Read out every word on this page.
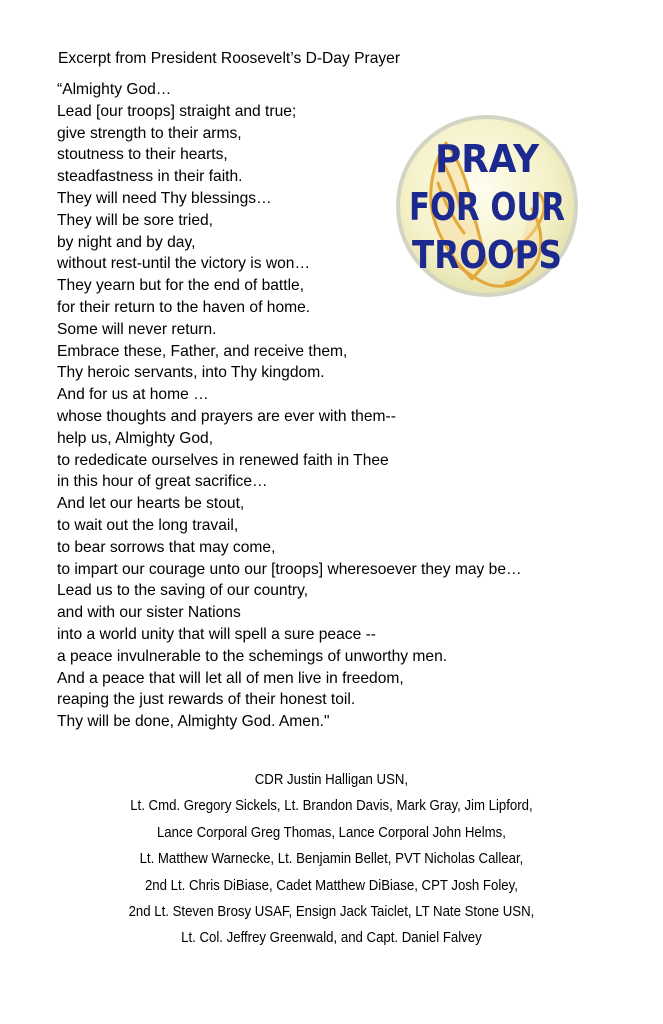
Excerpt from President Roosevelt’s D-Day Prayer
“Almighty God…
Lead [our troops] straight and true;
give strength to their arms,
stoutness to their hearts,
steadfastness in their faith.
They will need Thy blessings…
They will be sore tried,
by night and by day,
without rest-until the victory is won…
They yearn but for the end of battle,
for their return to the haven of home.
Some will never return.
Embrace these, Father, and receive them,
Thy heroic servants, into Thy kingdom.
And for us at home …
whose thoughts and prayers are ever with them--
help us, Almighty God,
to rededicate ourselves in renewed faith in Thee
in this hour of great sacrifice…
And let our hearts be stout,
to wait out the long travail,
to bear sorrows that may come,
to impart our courage unto our [troops] wheresoever they may be…
Lead us to the saving of our country,
and with our sister Nations
into a world unity that will spell a sure peace --
a peace invulnerable to the schemings of unworthy men.
And a peace that will let all of men live in freedom,
reaping the just rewards of their honest toil.
Thy will be done, Almighty God. Amen."
PRAY
FOR OUR
TROOPS
CDR Justin Halligan USN,
Lt. Cmd. Gregory Sickels, Lt. Brandon Davis, Mark Gray, Jim Lipford,
Lance Corporal Greg Thomas, Lance Corporal John Helms,
Lt. Matthew Warnecke, Lt. Benjamin Bellet, PVT Nicholas Callear,
2nd Lt. Chris DiBiase, Cadet Matthew DiBiase, CPT Josh Foley,
2nd Lt. Steven Brosy USAF, Ensign Jack Taiclet, LT Nate Stone USN,
Lt. Col. Jeffrey Greenwald, and Capt. Daniel Falvey
